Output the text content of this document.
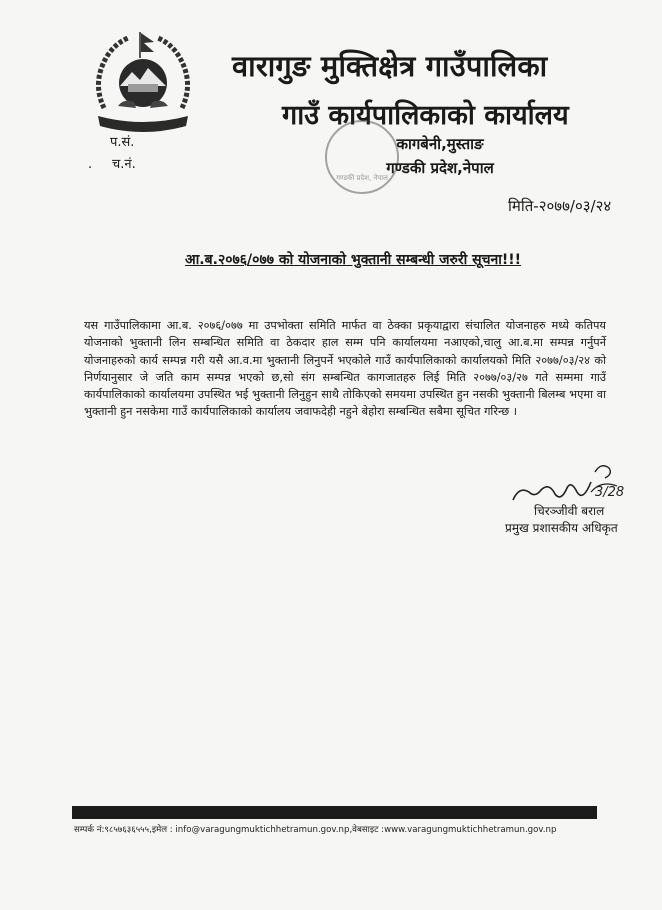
वारागुङ मुक्तिक्षेत्र गाउँपालिका
गाउँ कार्यपालिकाको कार्यालय
गण्डकी प्रदेश, नेपाल
कागबेनी,मुस्ताङ
गण्डकी प्रदेश,नेपाल
प.सं.
. च.नं.
मिति-२०७७/०३/२४
आ.ब.२०७६/०७७ को योजनाको भुक्तानी सम्बन्धी जरुरी सूचना!!!
यस गाउँपालिकामा आ.ब. २०७६/०७७ मा उपभोक्ता समिति मार्फत वा ठेक्का प्रकृयाद्वारा संचालित योजनाहरु मध्ये कतिपय योजनाको भुक्तानी लिन सम्बन्धित समिति वा ठेकदार हाल सम्म पनि कार्यालयमा नआएको,चालु आ.ब.मा सम्पन्न गर्नुपर्ने योजनाहरुको कार्य सम्पन्न गरी यसै आ.व.मा भुक्तानी लिनुपर्ने भएकोले गाउँ कार्यपालिकाको कार्यालयको मिति २०७७/०३/२४ को निर्णयानुसार जे जति काम सम्पन्न भएको छ,सो संग सम्बन्धित कागजातहरु लिई मिति २०७७/०३/२७ गते सम्ममा गाउँ कार्यपालिकाको कार्यालयमा उपस्थित भई भुक्तानी लिनुहुन साथै तोकिएको समयमा उपस्थित हुन नसकी भुक्तानी बिलम्ब भएमा वा भुक्तानी हुन नसकेमा गाउँ कार्यपालिकाको कार्यालय जवाफदेही नहुने बेहोरा सम्बन्धित सबैमा सूचित गरिन्छ ।
3/28
चिरञ्जीवी बराल
प्रमुख प्रशासकीय अधिकृत
सम्पर्क नं:९८५७६३६५५५,इमेल : info@varagungmuktichhetramun.gov.np,वेबसाइट :www.varagungmuktichhetramun.gov.np
